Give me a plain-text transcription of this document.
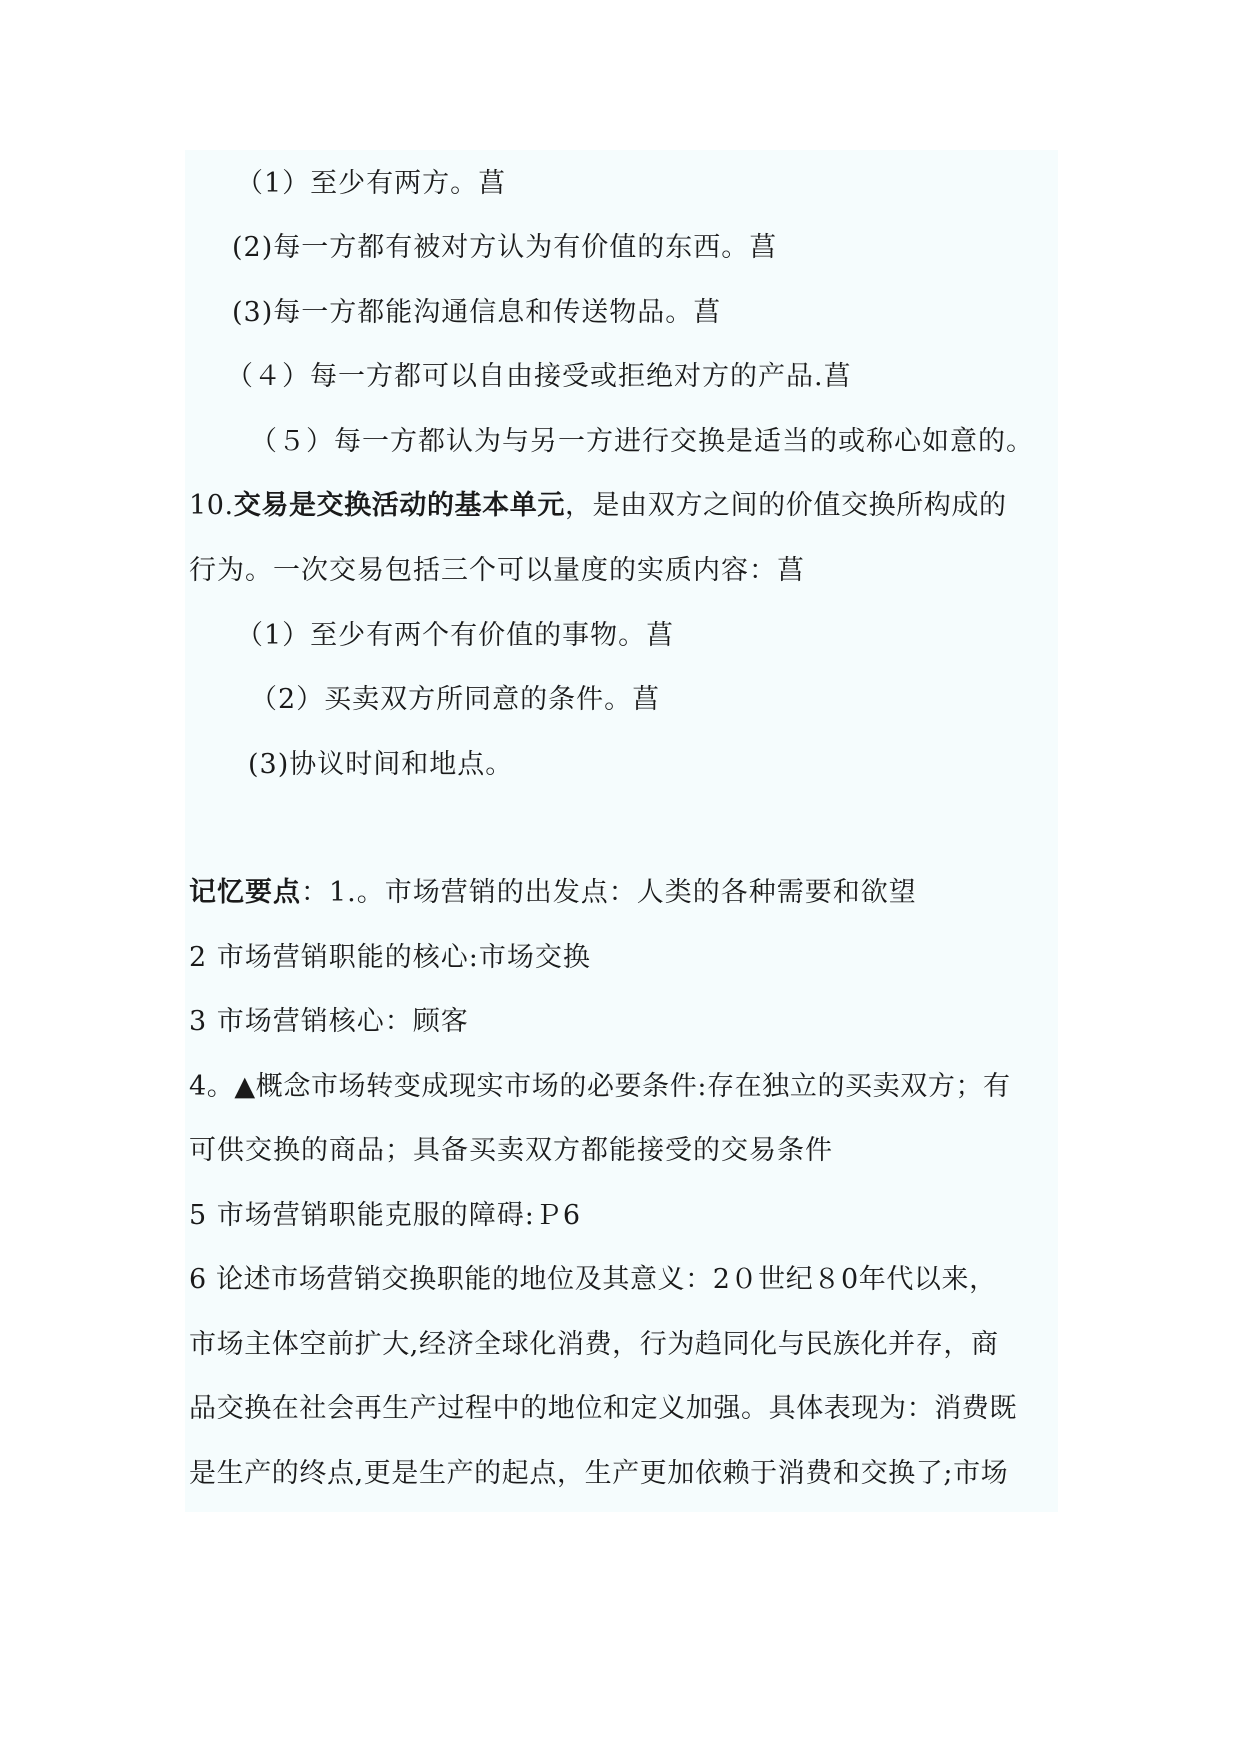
（1）至少有两方。菖
(2)每一方都有被对方认为有价值的东西。菖
(3)每一方都能沟通信息和传送物品。菖
（４）每一方都可以自由接受或拒绝对方的产品.菖
（５）每一方都认为与另一方进行交换是适当的或称心如意的。
10.交易是交换活动的基本单元，是由双方之间的价值交换所构成的
行为。一次交易包括三个可以量度的实质内容：菖
（1）至少有两个有价值的事物。菖
（2）买卖双方所同意的条件。菖
(3)协议时间和地点。
记忆要点：1.。市场营销的出发点：人类的各种需要和欲望
2 市场营销职能的核心:市场交换
3 市场营销核心：顾客
4。▲概念市场转变成现实市场的必要条件:存在独立的买卖双方；有
可供交换的商品；具备买卖双方都能接受的交易条件
5 市场营销职能克服的障碍:Ｐ6
6 论述市场营销交换职能的地位及其意义：2０世纪８0年代以来，
市场主体空前扩大,经济全球化消费，行为趋同化与民族化并存，商
品交换在社会再生产过程中的地位和定义加强。具体表现为：消费既
是生产的终点,更是生产的起点，生产更加依赖于消费和交换了;市场
